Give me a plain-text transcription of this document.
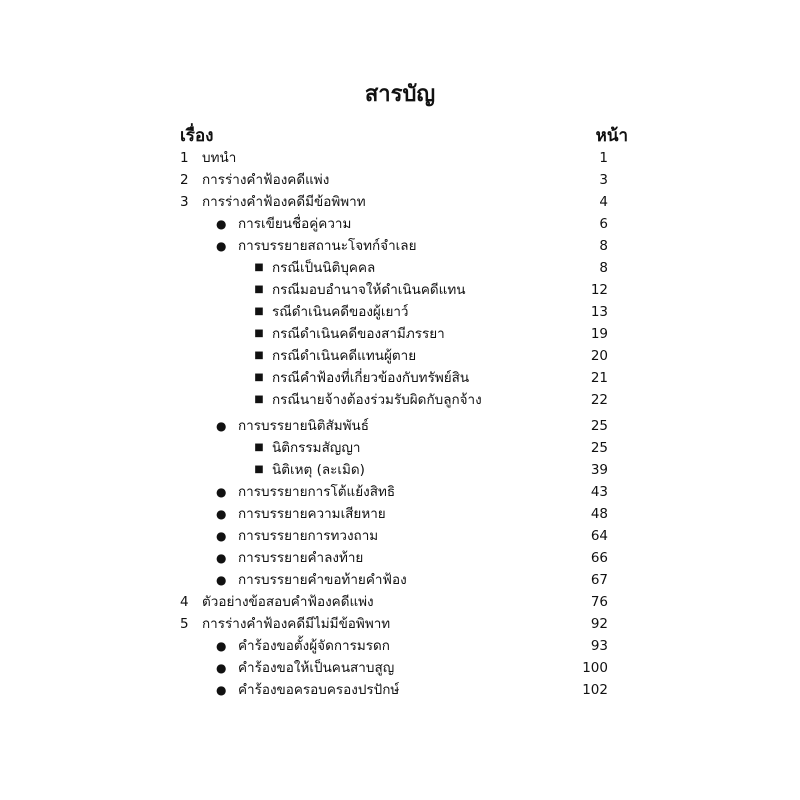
สารบัญ
เรื่อง	หน้า
1 บทนำ	1
2 การร่างคำฟ้องคดีแพ่ง	3
3 การร่างคำฟ้องคดีมีข้อพิพาท	4
● การเขียนชื่อคู่ความ	6
● การบรรยายสถานะโจทก์จำเลย	8
■ กรณีเป็นนิติบุคคล	8
■ กรณีมอบอำนาจให้ดำเนินคดีแทน	12
■ รณีดำเนินคดีของผู้เยาว์	13
■ กรณีดำเนินคดีของสามีภรรยา	19
■ กรณีดำเนินคดีแทนผู้ตาย	20
■ กรณีคำฟ้องที่เกี่ยวข้องกับทรัพย์สิน	21
■ กรณีนายจ้างต้องร่วมรับผิดกับลูกจ้าง	22
● การบรรยายนิติสัมพันธ์	25
■ นิติกรรมสัญญา	25
■ นิติเหตุ (ละเมิด)	39
● การบรรยายการโต้แย้งสิทธิ	43
● การบรรยายความเสียหาย	48
● การบรรยายการทวงถาม	64
● การบรรยายคำลงท้าย	66
● การบรรยายคำขอท้ายคำฟ้อง	67
4 ตัวอย่างข้อสอบคำฟ้องคดีแพ่ง	76
5 การร่างคำฟ้องคดีมีไม่มีข้อพิพาท	92
● คำร้องขอตั้งผู้จัดการมรดก	93
● คำร้องขอให้เป็นคนสาบสูญ	100
● คำร้องขอครอบครองปรปักษ์	102
